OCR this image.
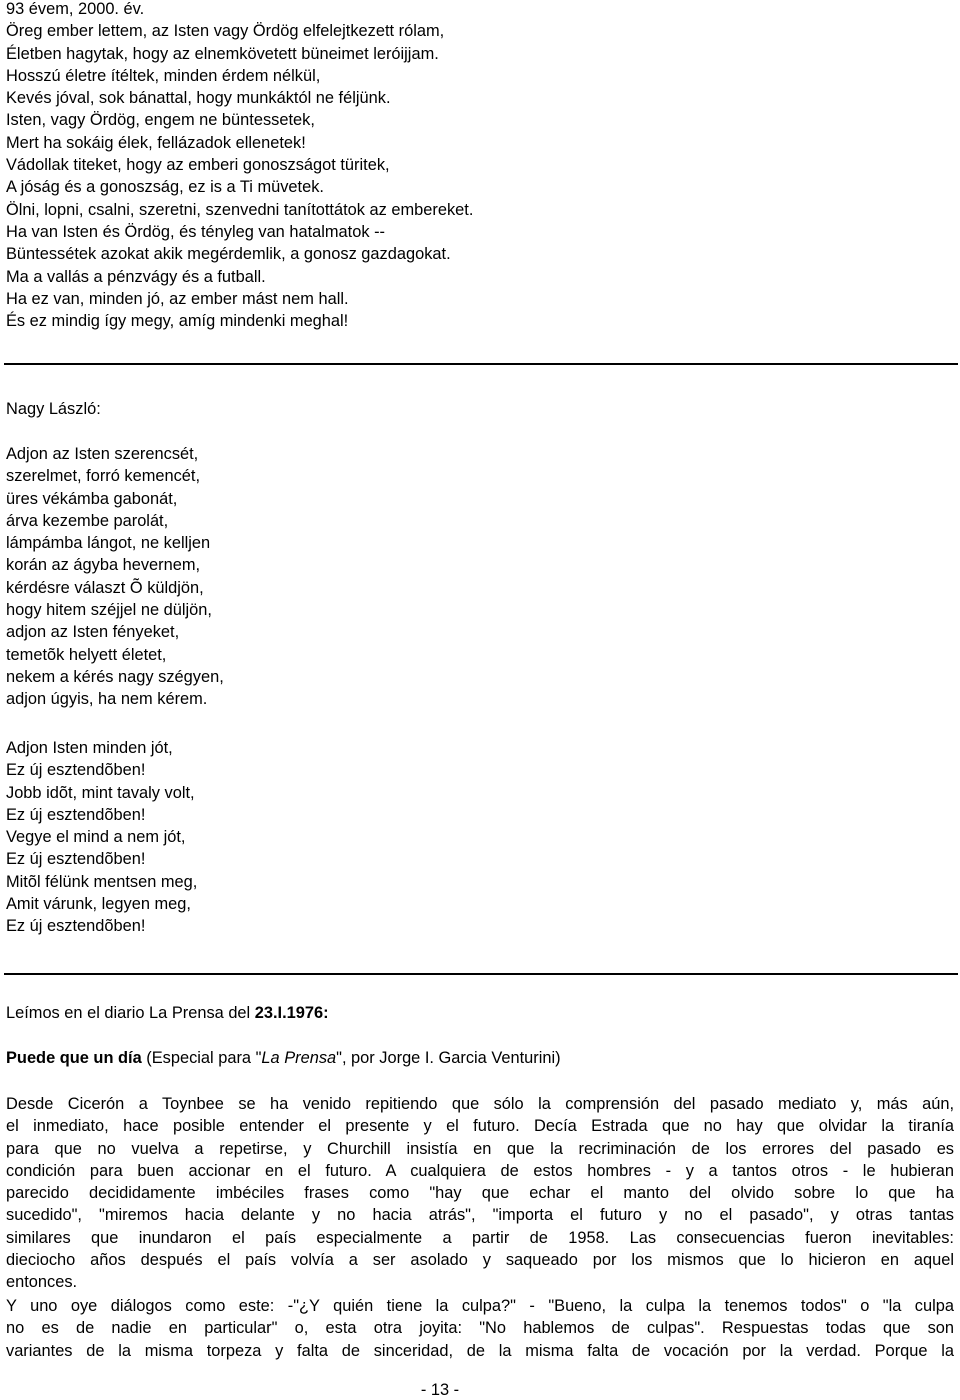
93 évem, 2000. év.
Öreg ember lettem, az Isten vagy Ördög elfelejtkezett rólam,
Életben hagytak, hogy az elnemkövetett büneimet leróijjam.
Hosszú életre ítéltek, minden érdem nélkül,
Kevés jóval, sok bánattal, hogy munkáktól ne féljünk.
Isten, vagy Ördög, engem ne büntessetek,
Mert ha sokáig élek, fellázadok ellenetek!
Vádollak titeket, hogy az emberi gonoszságot türitek,
A jóság és a gonoszság, ez is a Ti müvetek.
Ölni, lopni, csalni, szeretni, szenvedni tanítottátok az embereket.
Ha van Isten és Ördög, és tényleg van hatalmatok --
Büntessétek azokat akik megérdemlik, a gonosz gazdagokat.
Ma a vallás a pénzvágy és a futball.
Ha ez van, minden jó, az ember mást nem hall.
És ez mindig így megy, amíg mindenki meghal!
Nagy László:
Adjon az Isten szerencsét,
szerelmet, forró kemencét,
üres vékámba gabonát,
árva kezembe parolát,
lámpámba lángot, ne kelljen
korán az ágyba hevernem,
kérdésre választ Õ küldjön,
hogy hitem széjjel ne düljön,
adjon az Isten fényeket,
temetõk helyett életet,
nekem a kérés nagy szégyen,
adjon úgyis, ha nem kérem.
Adjon Isten minden jót,
Ez új esztendõben!
Jobb idõt, mint tavaly volt,
Ez új esztendõben!
Vegye el mind a nem jót,
Ez új esztendõben!
Mitõl félünk mentsen meg,
Amit várunk, legyen meg,
Ez új esztendõben!
Leímos en el diario La Prensa del 23.I.1976:
Puede que un día (Especial para "La Prensa", por Jorge I. Garcia Venturini)
Desde Cicerón a Toynbee se ha venido repitiendo que sólo la comprensión del pasado mediato y, más aún,
el inmediato, hace posible entender el presente y el futuro. Decía Estrada que no hay que olvidar la tiranía
para que no vuelva a repetirse, y Churchill insistía en que la recriminación de los errores del pasado es
condición para buen accionar en el futuro. A cualquiera de estos hombres - y a tantos otros - le hubieran
parecido decididamente imbéciles frases como "hay que echar el manto del olvido sobre lo que ha
sucedido", "miremos hacia delante y no hacia atrás", "importa el futuro y no el pasado", y otras tantas
similares que inundaron el país especialmente a partir de 1958. Las consecuencias fueron inevitables:
dieciocho años después el país volvía a ser asolado y saqueado por los mismos que lo hicieron en aquel
entonces.
Y uno oye diálogos como este: -"¿Y quién tiene la culpa?" - "Bueno, la culpa la tenemos todos" o "la culpa
no es de nadie en particular" o, esta otra joyita: "No hablemos de culpas". Respuestas todas que son
variantes de la misma torpeza y falta de sinceridad, de la misma falta de vocación por la verdad. Porque la
- 13 -
